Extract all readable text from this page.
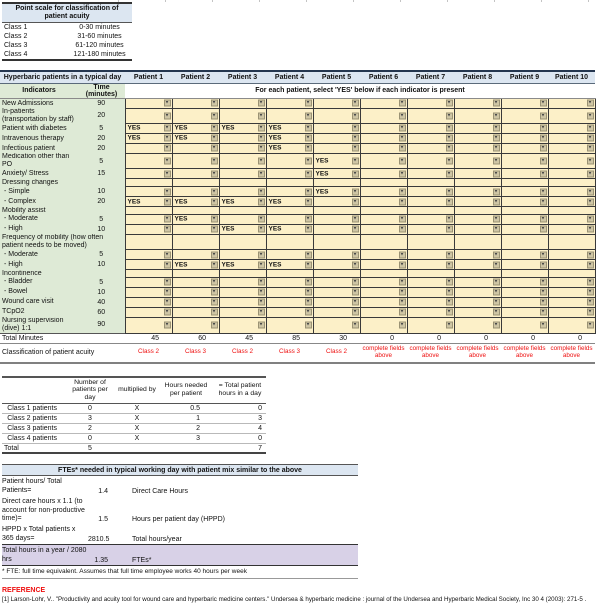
Point scale for classification of patient acuity	
Class 1	0-30 minutes
Class 2	31-60 minutes
Class 3	61-120 minutes
Class 4	121-180 minutes
Hyperbaric patients in a typical day		Patient 1	Patient 2	Patient 3	Patient 4	Patient 5	Patient 6	Patient 7	Patient 8	Patient 9	Patient 10
Indicators	Time (minutes)	For each patient, select 'YES' below if each indicator is present									
New Admissions	90	▾	▾	▾	▾	▾	▾	▾	▾	▾	▾

In-patients (transportation by staff)	20	▾	▾	▾	▾	▾	▾	▾	▾	▾	▾

Patient with diabetes	5	YES ▾	YES ▾	YES ▾	YES ▾	▾	▾	▾	▾	▾	▾

Intravenous therapy	20	YES ▾	YES ▾	▾	YES ▾	▾	▾	▾	▾	▾	▾

Infectious patient	20	▾	▾	▾	YES ▾	▾	▾	▾	▾	▾	▾

Medication other than PO	5	▾	▾	▾	▾	YES ▾	▾	▾	▾	▾	▾

Anxiety/ Stress	15	▾	▾	▾	▾	YES ▾	▾	▾	▾	▾	▾

Dressing changes											
- Simple	10	▾	▾	▾	▾	YES ▾	▾	▾	▾	▾	▾

- Complex	20	YES ▾	YES ▾	YES ▾	YES ▾	▾	▾	▾	▾	▾	▾

Mobility assist											
- Moderate	5	▾	YES ▾	▾	▾	▾	▾	▾	▾	▾	▾

- High	10	▾	▾	YES ▾	YES ▾	▾	▾	▾	▾	▾	▾

Frequency of mobility (how often patient needs to be moved)											
- Moderate	5	▾	▾	▾	▾	▾	▾	▾	▾	▾	▾

- High	10	▾	YES ▾	YES ▾	YES ▾	▾	▾	▾	▾	▾	▾

Incontinence											
- Bladder	5	▾	▾	▾	▾	▾	▾	▾	▾	▾	▾

- Bowel	10	▾	▾	▾	▾	▾	▾	▾	▾	▾	▾

Wound care visit	40	▾	▾	▾	▾	▾	▾	▾	▾	▾	▾

TCpO2	60	▾	▾	▾	▾	▾	▾	▾	▾	▾	▾

Nursing supervision (dive) 1:1	90	▾	▾	▾	▾	▾	▾	▾	▾	▾	▾

Total Minutes		45	60	45	85	30	0	0	0	0	0
Classification of patient acuity		Class 2	Class 3	Class 2	Class 3	Class 2	complete fields above	complete fields above	complete fields above	complete fields above	complete fields above
	Number of patients per day	multiplied by	Hours needed per patient	= Total patient hours in a day
Class 1 patients	0	X	0.5	0
Class 2 patients	3	X	1	3
Class 3 patients	2	X	2	4
Class 4 patients	0	X	3	0
Total	5			7
FTEs* needed in typical working day with patient mix similar to the above
Patient hours/ Total Patients=	1.4	Direct Care Hours
Direct care hours x 1.1 (to account for non-productive time)=	1.5	Hours per patient day (HPPD)
HPPD x Total patients x 365 days=	2810.5	Total hours/year
Total hours in a year / 2080 hrs	1.35	FTEs*
* FTE: full time equivalent. Assumes that full time employee works 40 hours per week
REFERENCE
[1] Larson-Lohr, V.. "Productivity and acuity tool for wound care and hyperbaric medicine centers." Undersea & hyperbaric medicine : journal of the Undersea and Hyperbaric Medical Society, Inc 30 4 (2003): 271-5 .
